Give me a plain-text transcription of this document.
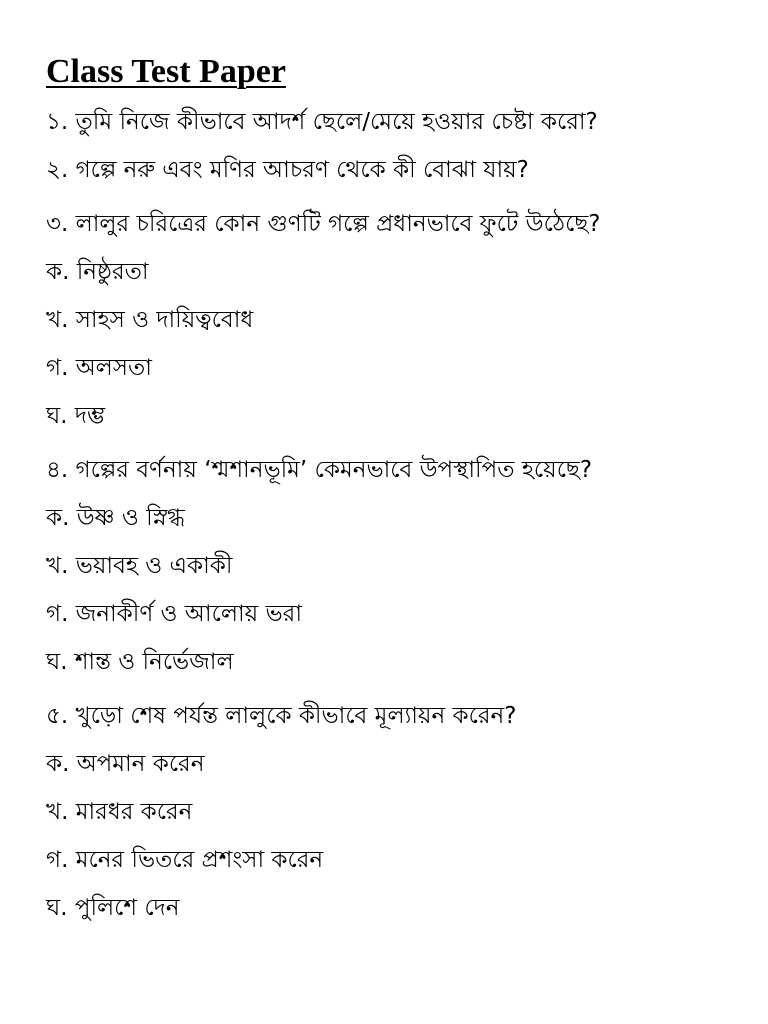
Class Test Paper
১. তুমি নিজে কীভাবে আদর্শ ছেলে/মেয়ে হওয়ার চেষ্টা করো?
২. গল্পে নরু এবং মণির আচরণ থেকে কী বোঝা যায়?
৩. লালুর চরিত্রের কোন গুণটি গল্পে প্রধানভাবে ফুটে উঠেছে?
ক. নিষ্ঠুরতা
খ. সাহস ও দায়িত্ববোধ
গ. অলসতা
ঘ. দম্ভ
৪. গল্পের বর্ণনায় ‘শ্মশানভূমি’ কেমনভাবে উপস্থাপিত হয়েছে?
ক. উষ্ণ ও স্নিগ্ধ
খ. ভয়াবহ ও একাকী
গ. জনাকীর্ণ ও আলোয় ভরা
ঘ. শান্ত ও নির্ভেজাল
৫. খুড়ো শেষ পর্যন্ত লালুকে কীভাবে মূল্যায়ন করেন?
ক. অপমান করেন
খ. মারধর করেন
গ. মনের ভিতরে প্রশংসা করেন
ঘ. পুলিশে দেন
